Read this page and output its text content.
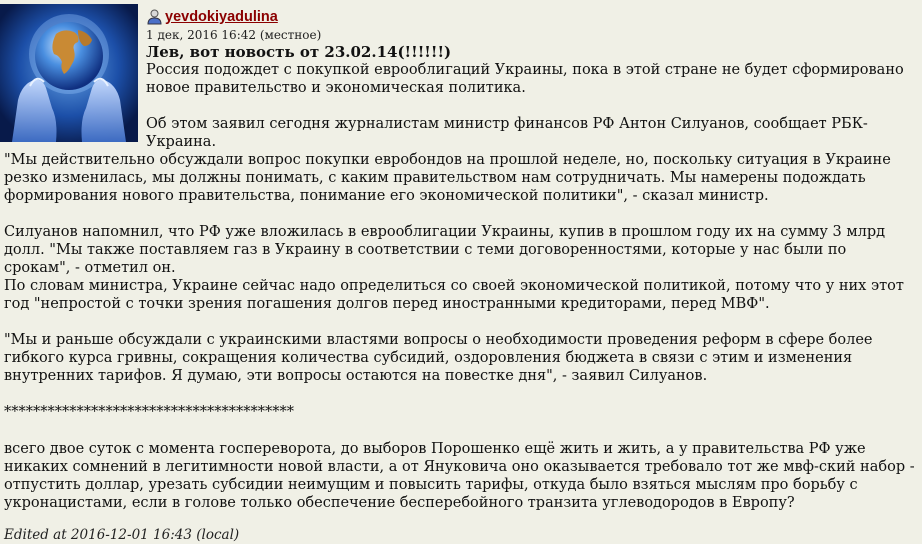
yevdokiyadulina
1 дек, 2016 16:42 (местное)
Лев, вот новость от 23.02.14(!!!!!!)

Россия подождет с покупкой еврооблигаций Украины, пока в этой стране не будет сформировано новое правительство и экономическая политика.

Об этом заявил сегодня журналистам министр финансов РФ Антон Силуанов, сообщает РБК-Украина.

"Мы действительно обсуждали вопрос покупки евробондов на прошлой неделе, но, поскольку ситуация в Украине резко изменилась, мы должны понимать, с каким правительством нам сотрудничать. Мы намерены подождать формирования нового правительства, понимание его экономической политики", - сказал министр.

Силуанов напомнил, что РФ уже вложилась в еврооблигации Украины, купив в прошлом году их на сумму 3 млрд долл. "Мы также поставляем газ в Украину в соответствии с теми договоренностями, которые у нас были по срокам", - отметил он.

По словам министра, Украине сейчас надо определиться со своей экономической политикой, потому что у них этот год "непростой с точки зрения погашения долгов перед иностранными кредиторами, перед МВФ".

"Мы и раньше обсуждали с украинскими властями вопросы о необходимости проведения реформ в сфере более гибкого курса гривны, сокращения количества субсидий, оздоровления бюджета в связи с этим и изменения внутренних тарифов. Я думаю, эти вопросы остаются на повестке дня", - заявил Силуанов.

****************************************

всего двое суток с момента госпереворота, до выборов Порошенко ещё жить и жить, а у правительства РФ уже никаких сомнений в легитимности новой власти, а от Януковича оно оказывается требовало тот же мвф-ский набор - отпустить доллар, урезать субсидии неимущим и повысить тарифы, откуда было взяться мыслям про борьбу с укронацистами, если в голове только обеспечение бесперебойного транзита углеводородов в Европу?

Edited at 2016-12-01 16:43 (local)
